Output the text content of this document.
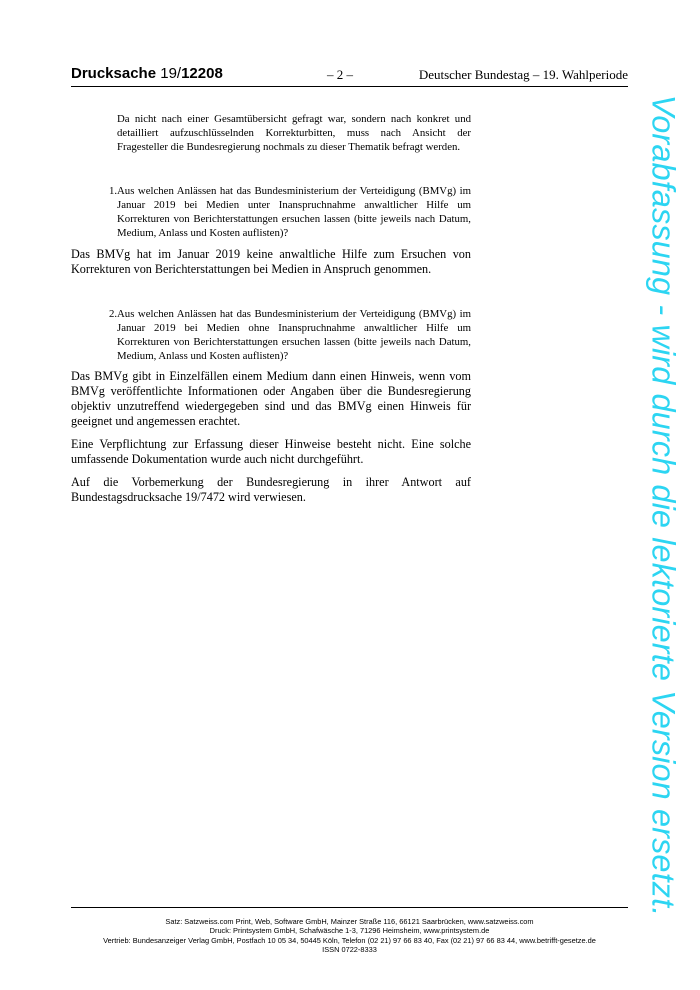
Drucksache 19/12208	– 2 –	Deutscher Bundestag – 19. Wahlperiode

Da nicht nach einer Gesamtübersicht gefragt war, sondern nach konkret und detailliert aufzuschlüsselnden Korrekturbitten, muss nach Ansicht der Fragesteller die Bundesregierung nochmals zu dieser Thematik befragt werden.

1. Aus welchen Anlässen hat das Bundesministerium der Verteidigung (BMVg) im Januar 2019 bei Medien unter Inanspruchnahme anwaltlicher Hilfe um Korrekturen von Berichterstattungen ersuchen lassen (bitte jeweils nach Datum, Medium, Anlass und Kosten auflisten)?

Das BMVg hat im Januar 2019 keine anwaltliche Hilfe zum Ersuchen von Korrekturen von Berichterstattungen bei Medien in Anspruch genommen.

2. Aus welchen Anlässen hat das Bundesministerium der Verteidigung (BMVg) im Januar 2019 bei Medien ohne Inanspruchnahme anwaltlicher Hilfe um Korrekturen von Berichterstattungen ersuchen lassen (bitte jeweils nach Datum, Medium, Anlass und Kosten auflisten)?

Das BMVg gibt in Einzelfällen einem Medium dann einen Hinweis, wenn vom BMVg veröffentlichte Informationen oder Angaben über die Bundesregierung objektiv unzutreffend wiedergegeben sind und das BMVg einen Hinweis für geeignet und angemessen erachtet.

Eine Verpflichtung zur Erfassung dieser Hinweise besteht nicht. Eine solche umfassende Dokumentation wurde auch nicht durchgeführt.

Auf die Vorbemerkung der Bundesregierung in ihrer Antwort auf Bundestagsdrucksache 19/7472 wird verwiesen.	Vorabfassung - wird durch die lektorierte Version ersetzt.
Satz: Satzweiss.com Print, Web, Software GmbH, Mainzer Straße 116, 66121 Saarbrücken, www.satzweiss.com
Druck: Printsystem GmbH, Schafwäsche 1-3, 71296 Heimsheim, www.printsystem.de
Vertrieb: Bundesanzeiger Verlag GmbH, Postfach 10 05 34, 50445 Köln, Telefon (02 21) 97 66 83 40, Fax (02 21) 97 66 83 44, www.betrifft-gesetze.de
ISSN 0722-8333
